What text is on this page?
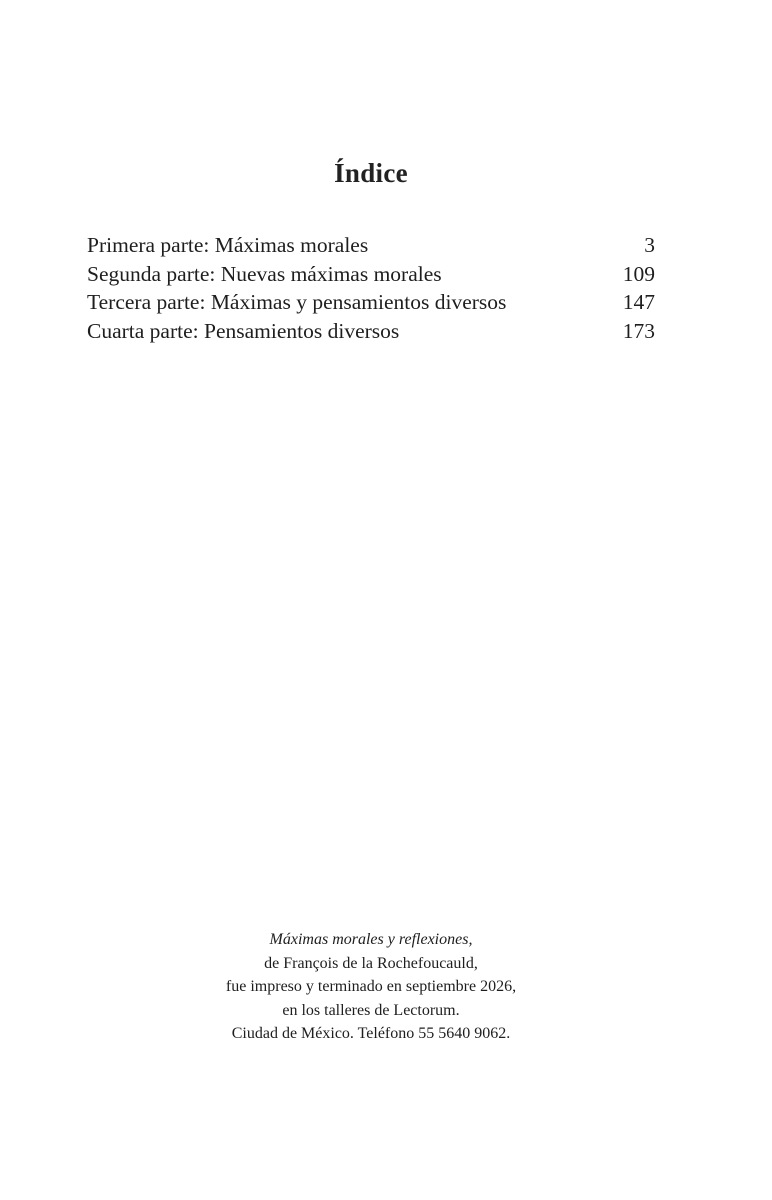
Índice
Primera parte: Máximas morales	3
Segunda parte: Nuevas máximas morales	109
Tercera parte: Máximas y pensamientos diversos	147
Cuarta parte: Pensamientos diversos	173
Máximas morales y reflexiones,
de François de la Rochefoucauld,
fue impreso y terminado en septiembre 2026,
en los talleres de Lectorum.
Ciudad de México. Teléfono 55 5640 9062.
